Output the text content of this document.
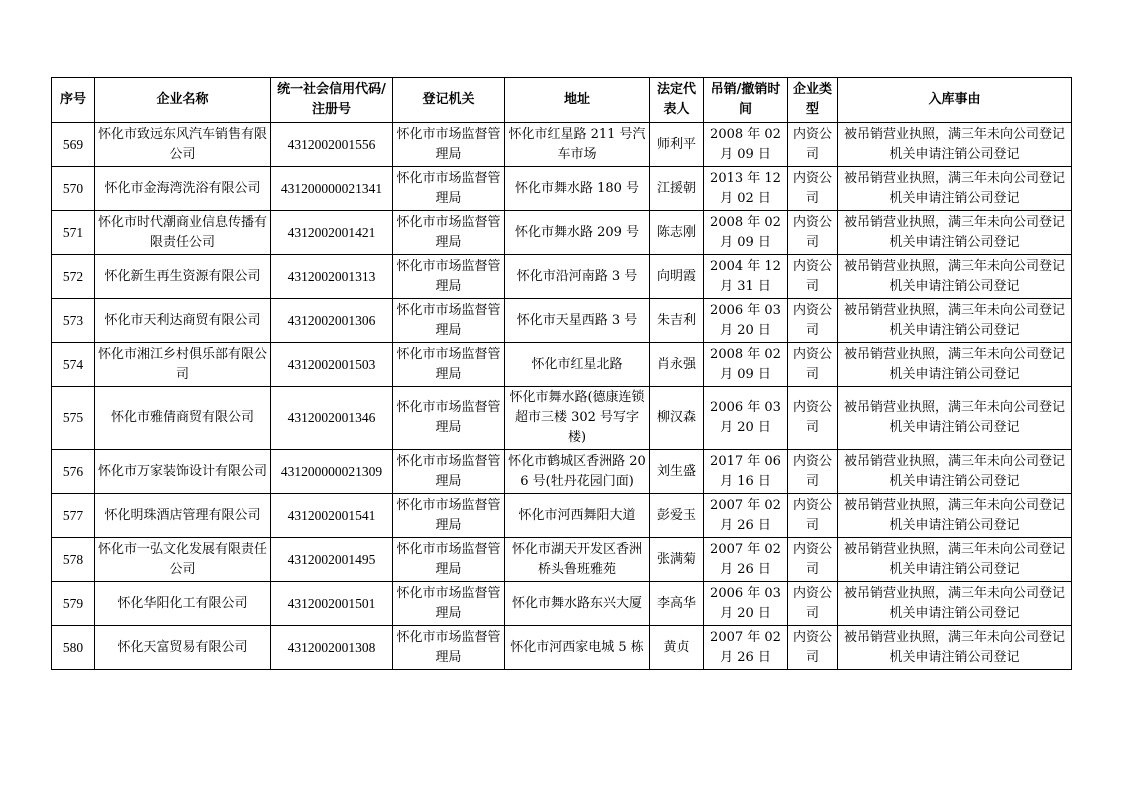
序号	企业名称	统一社会信用代码/注册号	登记机关	地址	法定代表人	吊销/撤销时间	企业类型	入库事由
569	怀化市致远东风汽车销售有限公司	4312002001556	怀化市市场监督管理局	怀化市红星路 211 号汽车市场	师利平	2008 年 02 月 09 日	内资公司	被吊销营业执照，满三年未向公司登记机关申请注销公司登记
570	怀化市金海湾洗浴有限公司	431200000021341	怀化市市场监督管理局	怀化市舞水路 180 号	江援朝	2013 年 12 月 02 日	内资公司	被吊销营业执照，满三年未向公司登记机关申请注销公司登记
571	怀化市时代潮商业信息传播有限责任公司	4312002001421	怀化市市场监督管理局	怀化市舞水路 209 号	陈志刚	2008 年 02 月 09 日	内资公司	被吊销营业执照，满三年未向公司登记机关申请注销公司登记
572	怀化新生再生资源有限公司	4312002001313	怀化市市场监督管理局	怀化市沿河南路 3 号	向明霞	2004 年 12 月 31 日	内资公司	被吊销营业执照，满三年未向公司登记机关申请注销公司登记
573	怀化市天利达商贸有限公司	4312002001306	怀化市市场监督管理局	怀化市天星西路 3 号	朱吉利	2006 年 03 月 20 日	内资公司	被吊销营业执照，满三年未向公司登记机关申请注销公司登记
574	怀化市湘江乡村俱乐部有限公司	4312002001503	怀化市市场监督管理局	怀化市红星北路	肖永强	2008 年 02 月 09 日	内资公司	被吊销营业执照，满三年未向公司登记机关申请注销公司登记
575	怀化市雅倩商贸有限公司	4312002001346	怀化市市场监督管理局	怀化市舞水路(德康连锁超市三楼 302 号写字楼)	柳汉森	2006 年 03 月 20 日	内资公司	被吊销营业执照，满三年未向公司登记机关申请注销公司登记
576	怀化市万家装饰设计有限公司	431200000021309	怀化市市场监督管理局	怀化市鹤城区香洲路 206 号(牡丹花园门面)	刘生盛	2017 年 06 月 16 日	内资公司	被吊销营业执照，满三年未向公司登记机关申请注销公司登记
577	怀化明珠酒店管理有限公司	4312002001541	怀化市市场监督管理局	怀化市河西舞阳大道	彭爱玉	2007 年 02 月 26 日	内资公司	被吊销营业执照，满三年未向公司登记机关申请注销公司登记
578	怀化市一弘文化发展有限责任公司	4312002001495	怀化市市场监督管理局	怀化市湖天开发区香洲桥头鲁班雅苑	张满菊	2007 年 02 月 26 日	内资公司	被吊销营业执照，满三年未向公司登记机关申请注销公司登记
579	怀化华阳化工有限公司	4312002001501	怀化市市场监督管理局	怀化市舞水路东兴大厦	李高华	2006 年 03 月 20 日	内资公司	被吊销营业执照，满三年未向公司登记机关申请注销公司登记
580	怀化天富贸易有限公司	4312002001308	怀化市市场监督管理局	怀化市河西家电城 5 栋	黄贞	2007 年 02 月 26 日	内资公司	被吊销营业执照，满三年未向公司登记机关申请注销公司登记
